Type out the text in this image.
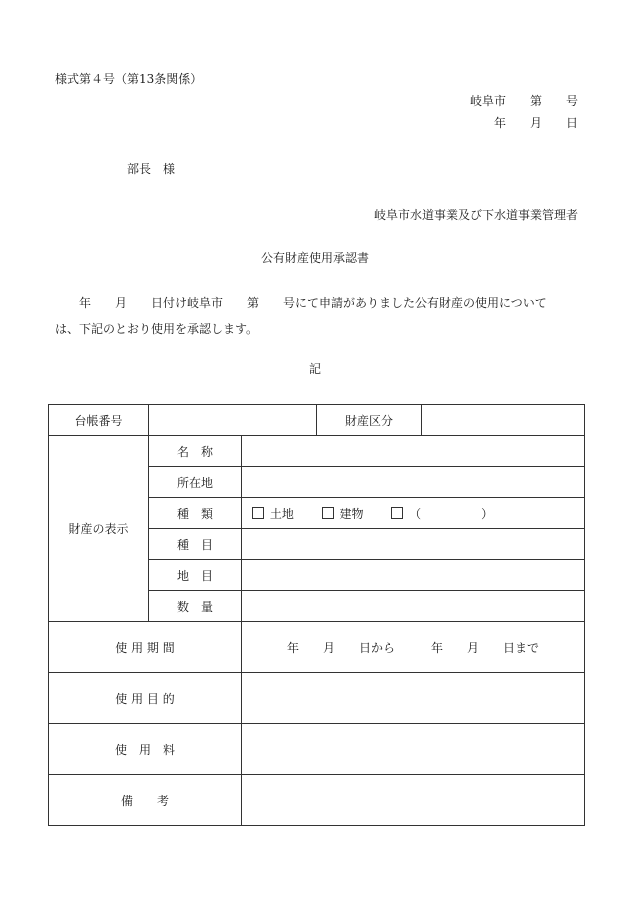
様式第４号（第13条関係）
岐阜市　　第　　号
年　　月　　日
部長　様
岐阜市水道事業及び下水道事業管理者
公有財産使用承認書
　　年　　月　　日付け岐阜市　　第　　号にて申請がありました公有財産の使用について
は、下記のとおり使用を承認します。
記
台帳番号			財産区分	
財産の表示	名　称			
	所在地			
	種　類	土地 建物 （　　　　　）		
	種　目			
	地　目			
	数　量			
使 用 期 間		年　　月　　日から　　　年　　月　　日まで		
使 用 目 的				
使　用　料				
備　　考				
